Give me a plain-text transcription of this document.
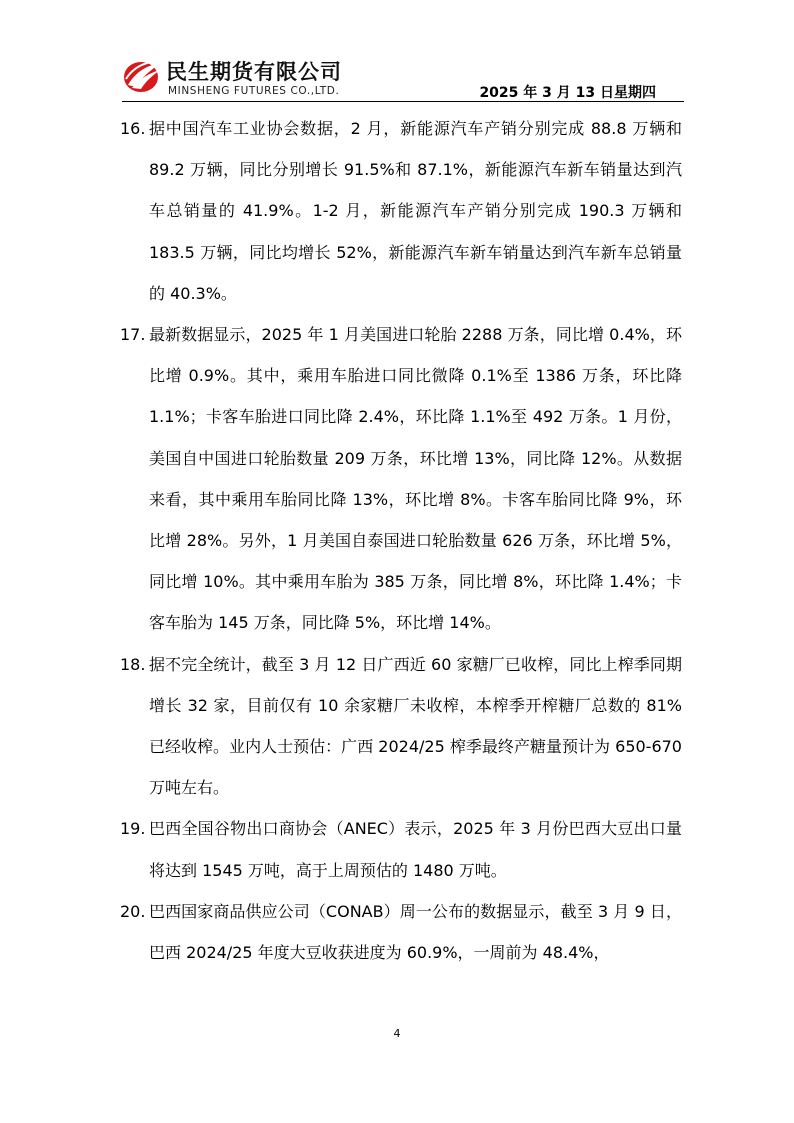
民生期货有限公司
MINSHENG FUTURES CO.,LTD.	2025 年 3 月 13 日星期四
16. 据中国汽车工业协会数据，2 月，新能源汽车产销分别完成 88.8 万辆和 89.2 万辆，同比分别增长 91.5%和 87.1%，新能源汽车新车销量达到汽车总销量的 41.9%。1-2 月，新能源汽车产销分别完成 190.3 万辆和 183.5 万辆，同比均增长 52%，新能源汽车新车销量达到汽车新车总销量的 40.3%。
17. 最新数据显示，2025 年 1 月美国进口轮胎 2288 万条，同比增 0.4%，环比增 0.9%。其中，乘用车胎进口同比微降 0.1%至 1386 万条，环比降 1.1%；卡客车胎进口同比降 2.4%，环比降 1.1%至 492 万条。1 月份，美国自中国进口轮胎数量 209 万条，环比增 13%，同比降 12%。从数据来看，其中乘用车胎同比降 13%，环比增 8%。卡客车胎同比降 9%，环比增 28%。另外，1 月美国自泰国进口轮胎数量 626 万条，环比增 5%，同比增 10%。其中乘用车胎为 385 万条，同比增 8%，环比降 1.4%；卡客车胎为 145 万条，同比降 5%，环比增 14%。
18. 据不完全统计，截至 3 月 12 日广西近 60 家糖厂已收榨，同比上榨季同期增长 32 家，目前仅有 10 余家糖厂未收榨，本榨季开榨糖厂总数的 81%已经收榨。业内人士预估：广西 2024/25 榨季最终产糖量预计为 650-670 万吨左右。
19. 巴西全国谷物出口商协会（ANEC）表示，2025 年 3 月份巴西大豆出口量将达到 1545 万吨，高于上周预估的 1480 万吨。
20. 巴西国家商品供应公司（CONAB）周一公布的数据显示，截至 3 月 9 日，巴西 2024/25 年度大豆收获进度为 60.9%，一周前为 48.4%，
4
